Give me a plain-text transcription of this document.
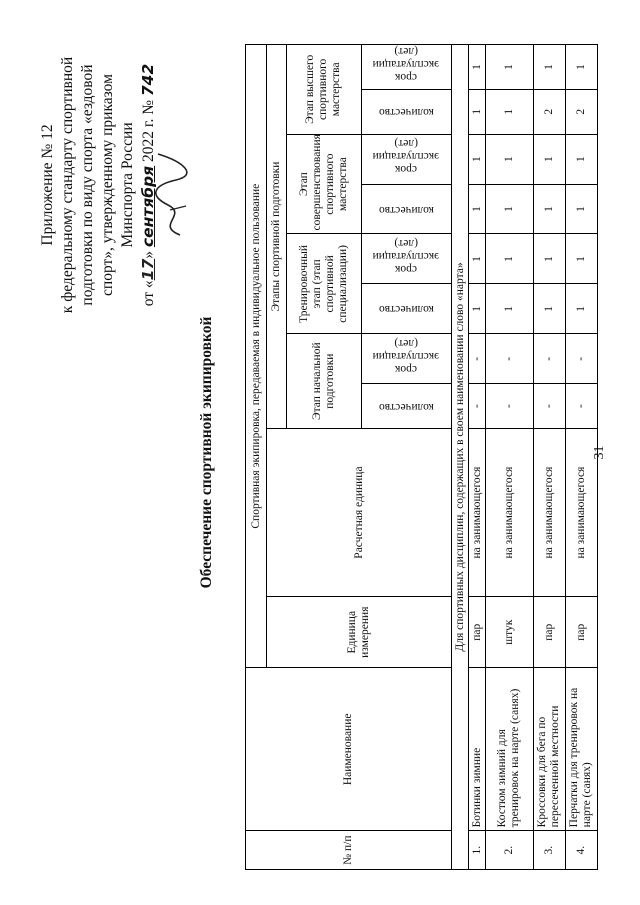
31
Приложение № 12 к федеральному стандарту спортивной подготовки по виду спорта «ездовой спорт», утвержденному приказом Минспорта России
от «17» сентября 2022 г. № 742
Обеспечение спортивной экипировкой
№ п/п	Наименование	Спортивная экипировка, передаваемая в индивидуальное пользование									
		Единица измерения	Расчетная единица	Этапы спортивной подготовки							
				Этап начальной подготовки		Тренировочный этап (этап спортивной специализации)		Этап совершенствования спортивного мастерства		Этап высшего спортивного мастерства	

				количество	срок эксплуатации (лет)	количество	срок эксплуатации (лет)	количество	срок эксплуатации (лет)	количество	срок эксплуатации (лет)

Для спортивных дисциплин, содержащих в своем наименовании слово «нарта»											
1.	Ботинки зимние	пар	на занимающегося	-	-	1	1	1	1	1	1
2.	Костюм зимний для тренировок на нарте (санях)	штук	на занимающегося	-	-	1	1	1	1	1	1
3.	Кроссовки для бега по пересеченной местности	пар	на занимающегося	-	-	1	1	1	1	2	1
4.	Перчатки для тренировок на нарте (санях)	пар	на занимающегося	-	-	1	1	1	1	2	1
